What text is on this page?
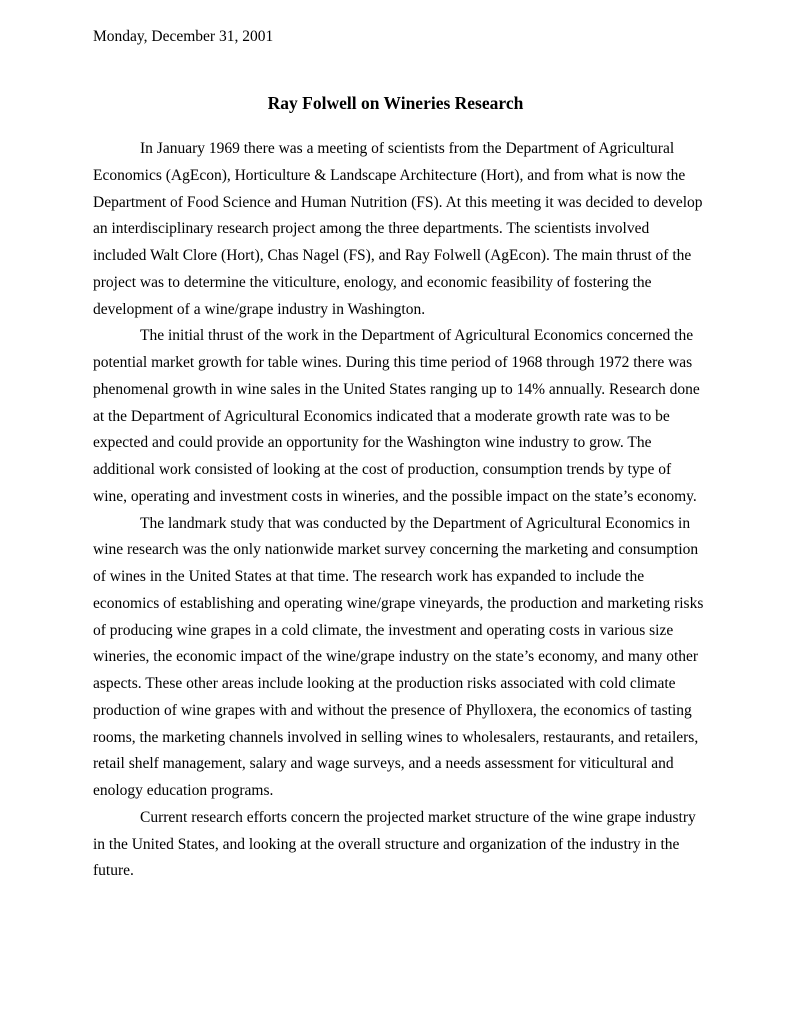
Monday, December 31, 2001

Ray Folwell on Wineries Research

In January 1969 there was a meeting of scientists from the Department of Agricultural Economics (AgEcon), Horticulture & Landscape Architecture (Hort), and from what is now the Department of Food Science and Human Nutrition (FS). At this meeting it was decided to develop an interdisciplinary research project among the three departments. The scientists involved included Walt Clore (Hort), Chas Nagel (FS), and Ray Folwell (AgEcon). The main thrust of the project was to determine the viticulture, enology, and economic feasibility of fostering the development of a wine/grape industry in Washington.

The initial thrust of the work in the Department of Agricultural Economics concerned the potential market growth for table wines. During this time period of 1968 through 1972 there was phenomenal growth in wine sales in the United States ranging up to 14% annually. Research done at the Department of Agricultural Economics indicated that a moderate growth rate was to be expected and could provide an opportunity for the Washington wine industry to grow. The additional work consisted of looking at the cost of production, consumption trends by type of wine, operating and investment costs in wineries, and the possible impact on the state’s economy.

The landmark study that was conducted by the Department of Agricultural Economics in wine research was the only nationwide market survey concerning the marketing and consumption of wines in the United States at that time. The research work has expanded to include the economics of establishing and operating wine/grape vineyards, the production and marketing risks of producing wine grapes in a cold climate, the investment and operating costs in various size wineries, the economic impact of the wine/grape industry on the state’s economy, and many other aspects. These other areas include looking at the production risks associated with cold climate production of wine grapes with and without the presence of Phylloxera, the economics of tasting rooms, the marketing channels involved in selling wines to wholesalers, restaurants, and retailers, retail shelf management, salary and wage surveys, and a needs assessment for viticultural and enology education programs.

Current research efforts concern the projected market structure of the wine grape industry in the United States, and looking at the overall structure and organization of the industry in the future.
